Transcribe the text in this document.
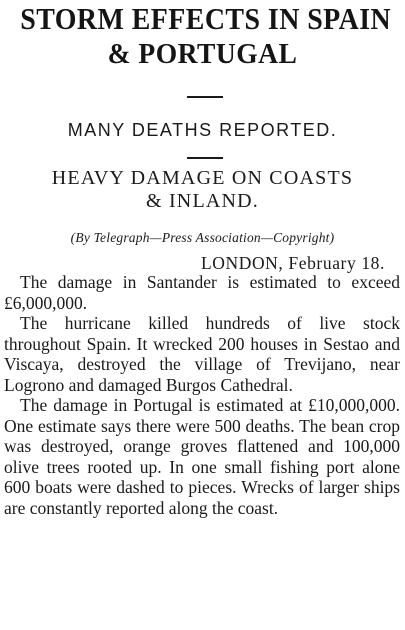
STORM EFFECTS IN SPAIN
& PORTUGAL
MANY DEATHS REPORTED.
HEAVY DAMAGE ON COASTS
& INLAND.
(By Telegraph—Press Association—Copyright)
LONDON, February 18.

The damage in Santander is estimated to exceed £6,000,000.

The hurricane killed hundreds of live stock throughout Spain. It wrecked 200 houses in Sestao and Viscaya, destroyed the village of Trevijano, near Logrono and damaged Burgos Cathedral.

The damage in Portugal is estimated at £10,000,000. One estimate says there were 500 deaths. The bean crop was destroyed, orange groves flattened and 100,000 olive trees rooted up. In one small fishing port alone 600 boats were dashed to pieces. Wrecks of larger ships are constantly reported along the coast.
